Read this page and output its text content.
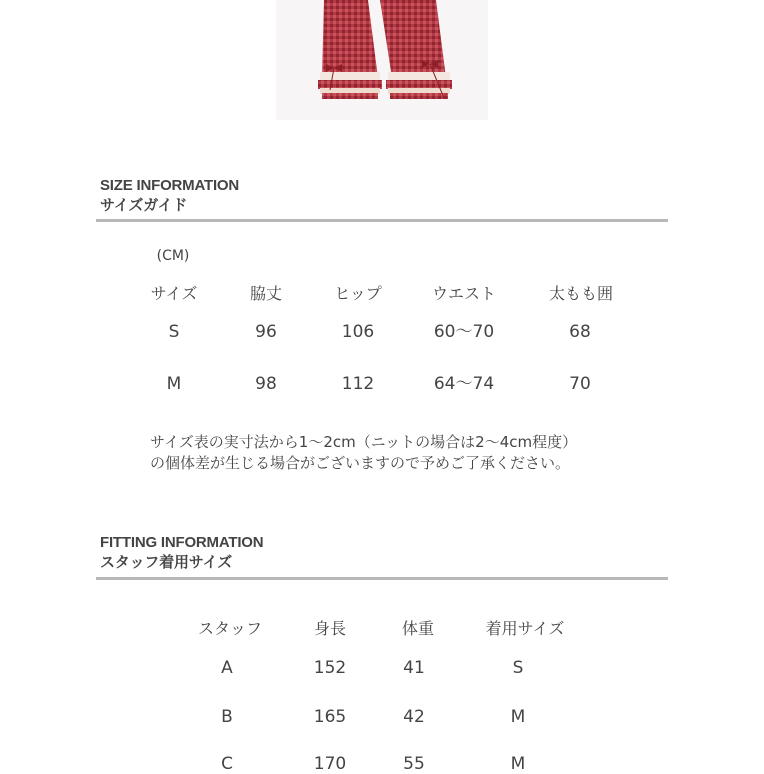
SIZE INFORMATION
サイズガイド
(CM)
サイズ	脇丈	ヒップ	ウエスト	太もも囲
S	96	106	60〜70	68
M	98	112	64〜74	70
サイズ表の実寸法から1〜2cm（ニットの場合は2〜4cm程度）
の個体差が生じる場合がございますので予めご了承ください。
FITTING INFORMATION
スタッフ着用サイズ
スタッフ	身長	体重	着用サイズ
A	152	41	S
B	165	42	M
C	170	55	M
